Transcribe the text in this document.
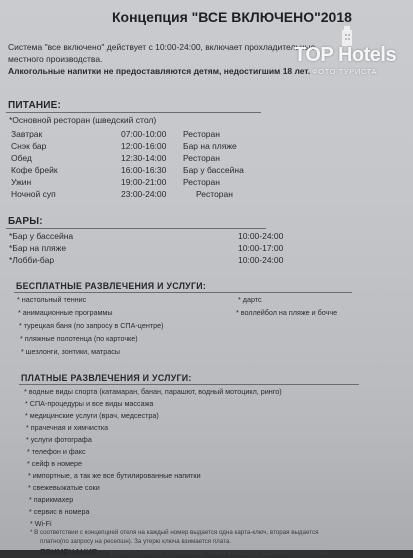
Концепция "ВСЕ ВКЛЮЧЕНО"2018
Система "все включено" действует с 10:00-24:00, включает прохладительные
местного производства.
Алкогольные напитки не предоставляются детям, недостигшим 18 лет.
ПИТАНИЕ:
*Основной ресторан (шведский стол)
Завтрак	07:00-10:00 Ресторан
Снэк бар	12:00-16:00 Бар на пляже
Обед	12:30-14:00 Ресторан
Кофе брейк	16:00-16:30 Бар у бассейна
Ужин	19:00-21:00 Ресторан
Ночной суп	23:00-24:00	Ресторан
БАРЫ:
*Бар у бассейна	10:00-24:00
*Бар на пляже	10:00-17:00
*Лобби-бар	10:00-24:00
БЕСПЛАТНЫЕ РАЗВЛЕЧЕНИЯ И УСЛУГИ:
* настольный теннис
* анимационные программы
* турецкая баня (по запросу в СПА-центре)
* пляжные полотенца (по карточке)
* шезлонги, зонтики, матрасы
* дартс
* воллейбол на пляже и бочче
ПЛАТНЫЕ РАЗВЛЕЧЕНИЯ И УСЛУГИ:
* водные виды спорта (катамаран, банан, парашют, водный мотоцикл, ринго)
* СПА-процедуры и все виды массажа
* медицинские услуги (врач, медсестра)
* прачечная и химчистка
* услуги фотографа
* телефон и факс
* сейф в номере
* импортные, а так же все бутилированные напитки
* свежевыжатые соки
* парикмахер
* сервис в номера
* Wi-Fi
* В соответствии с концепцией отеля на каждый номер выдается одна карта-ключ, вторая выдается
платно(по запросу на ресепшн). За утерю ключа взимается плата.
ПРИМЕЧАНИЕ : Время концепции "все включено" может меняться в зависимости от сезона
TOP Hotels
ФОТО ТУРИСТА
